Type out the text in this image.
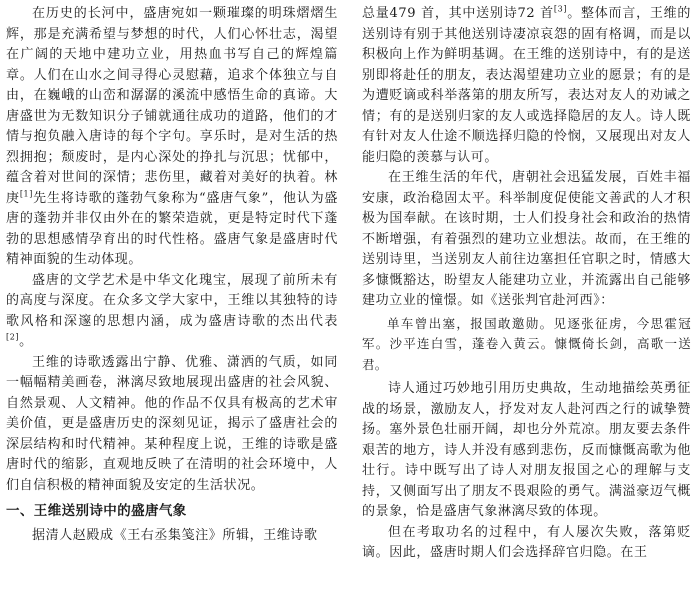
在历史的长河中，盛唐宛如一颗璀璨的明珠熠熠生辉，那是充满希望与梦想的时代，人们心怀壮志，渴望在广阔的天地中建功立业，用热血书写自己的辉煌篇章。人们在山水之间寻得心灵慰藉，追求个体独立与自由，在巍峨的山峦和潺潺的溪流中感悟生命的真谛。大唐盛世为无数知识分子铺就通往成功的道路，他们的才情与抱负融入唐诗的每个字句。享乐时，是对生活的热烈拥抱；颓废时，是内心深处的挣扎与沉思；忧郁中，蕴含着对世间的深情；悲伤里，藏着对美好的执着。林庚[1]先生将诗歌的蓬勃气象称为“盛唐气象”，他认为盛唐的蓬勃并非仅由外在的繁荣造就，更是特定时代下蓬勃的思想感情孕育出的时代性格。盛唐气象是盛唐时代精神面貌的生动体现。

盛唐的文学艺术是中华文化瑰宝，展现了前所未有的高度与深度。在众多文学大家中，王维以其独特的诗歌风格和深邃的思想内涵，成为盛唐诗歌的杰出代表[2]。

王维的诗歌透露出宁静、优雅、潇洒的气质，如同一幅幅精美画卷，淋漓尽致地展现出盛唐的社会风貌、自然景观、人文精神。他的作品不仅具有极高的艺术审美价值，更是盛唐历史的深刻见证，揭示了盛唐社会的深层结构和时代精神。某种程度上说，王维的诗歌是盛唐时代的缩影，直观地反映了在清明的社会环境中，人们自信积极的精神面貌及安定的生活状况。

一、王维送别诗中的盛唐气象

据清人赵殿成《王右丞集笺注》所辑，王维诗歌

总量479 首，其中送别诗72 首[3]。整体而言，王维的送别诗有别于其他送别诗凄凉哀怨的固有格调，而是以积极向上作为鲜明基调。在王维的送别诗中，有的是送别即将赴任的朋友，表达渴望建功立业的愿景；有的是为遭贬谪或科举落第的朋友所写，表达对友人的劝诫之情；有的是送别归家的友人或选择隐居的友人。诗人既有针对友人仕途不顺选择归隐的怜悯，又展现出对友人能归隐的羡慕与认可。

在王维生活的年代，唐朝社会迅猛发展，百姓丰福安康，政治稳固太平。科举制度促使能文善武的人才积极为国奉献。在该时期，士人们投身社会和政治的热情不断增强，有着强烈的建功立业想法。故而，在王维的送别诗里，当送别友人前往边塞担任官职之时，情感大多慷慨豁达，盼望友人能建功立业，并流露出自己能够建功立业的憧憬。如《送张判官赴河西》：

单车曾出塞，报国敢邀勋。见逐张征虏，今思霍冠军。沙平连白雪，蓬卷入黄云。慷慨倚长剑，高歌一送君。

诗人通过巧妙地引用历史典故，生动地描绘英勇征战的场景，激励友人，抒发对友人赴河西之行的诚挚赞扬。塞外景色壮丽开阔，却也分外荒凉。朋友要去条件艰苦的地方，诗人并没有感到悲伤，反而慷慨高歌为他壮行。诗中既写出了诗人对朋友报国之心的理解与支持，又侧面写出了朋友不畏艰险的勇气。满溢豪迈气概的景象，恰是盛唐气象淋漓尽致的体现。

但在考取功名的过程中，有人屡次失败，落第贬谪。因此，盛唐时期人们会选择辞官归隐。在王
